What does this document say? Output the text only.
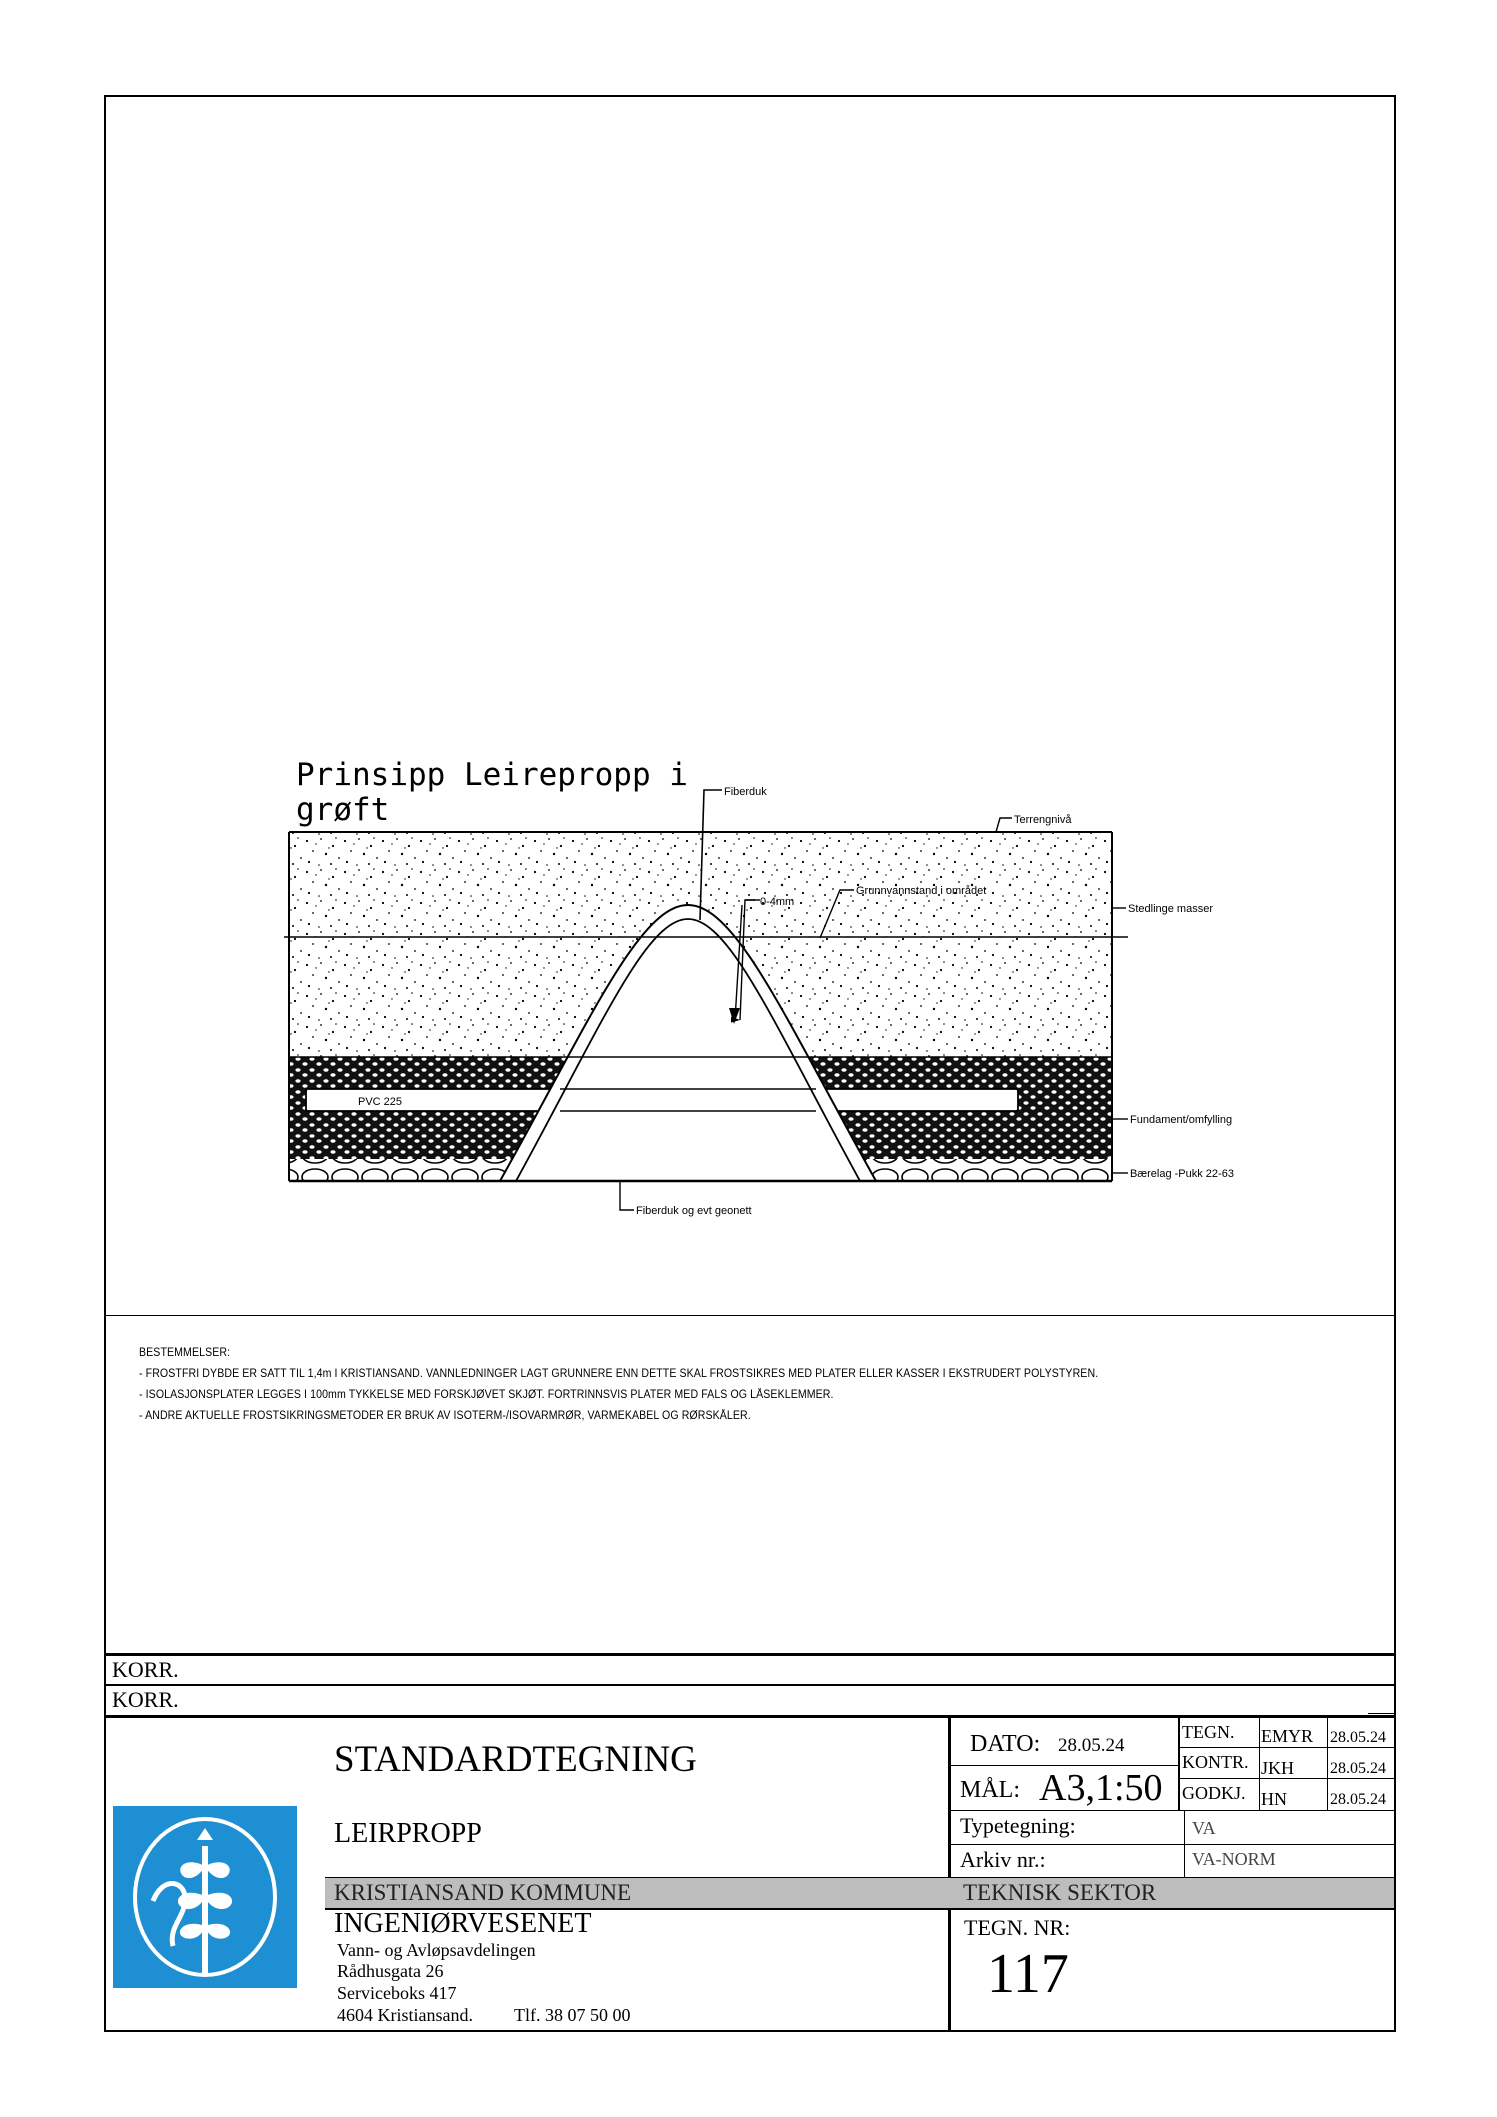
Prinsipp Leirepropp i
grøft	Fiberduk
Terrengnivå
0-4mm
Grunnvannstand i området
Stedlinge masser
PVC 225
Fundament/omfylling
Bærelag -Pukk 22-63
Fiberduk og evt geonett
BESTEMMELSER:
- FROSTFRI DYBDE ER SATT TIL 1,4m I KRISTIANSAND. VANNLEDNINGER LAGT GRUNNERE ENN DETTE SKAL FROSTSIKRES MED PLATER ELLER KASSER I EKSTRUDERT POLYSTYREN.
- ISOLASJONSPLATER LEGGES I 100mm TYKKELSE MED FORSKJØVET SKJØT. FORTRINNSVIS PLATER MED FALS OG LÅSEKLEMMER.
- ANDRE AKTUELLE FROSTSIKRINGSMETODER ER BRUK AV ISOTERM-/ISOVARMRØR, VARMEKABEL OG RØRSKÅLER.
KORR.
KORR.
STANDARDTEGNING
LEIRPROPP
KRISTIANSAND KOMMUNE	TEKNISK SEKTOR
INGENIØRVESENET
Vann- og Avløpsavdelingen
Rådhusgata 26
Serviceboks 417
4604 Kristiansand. Tlf. 38 07 50 00
DATO: 28.05.24
MÅL: A3,1:50
TEGN. EMYR 28.05.24
KONTR. JKH 28.05.24
GODKJ. HN	28.05.24
Typetegning:	VA
Arkiv nr.:	VA-NORM
TEGN. NR:
117
